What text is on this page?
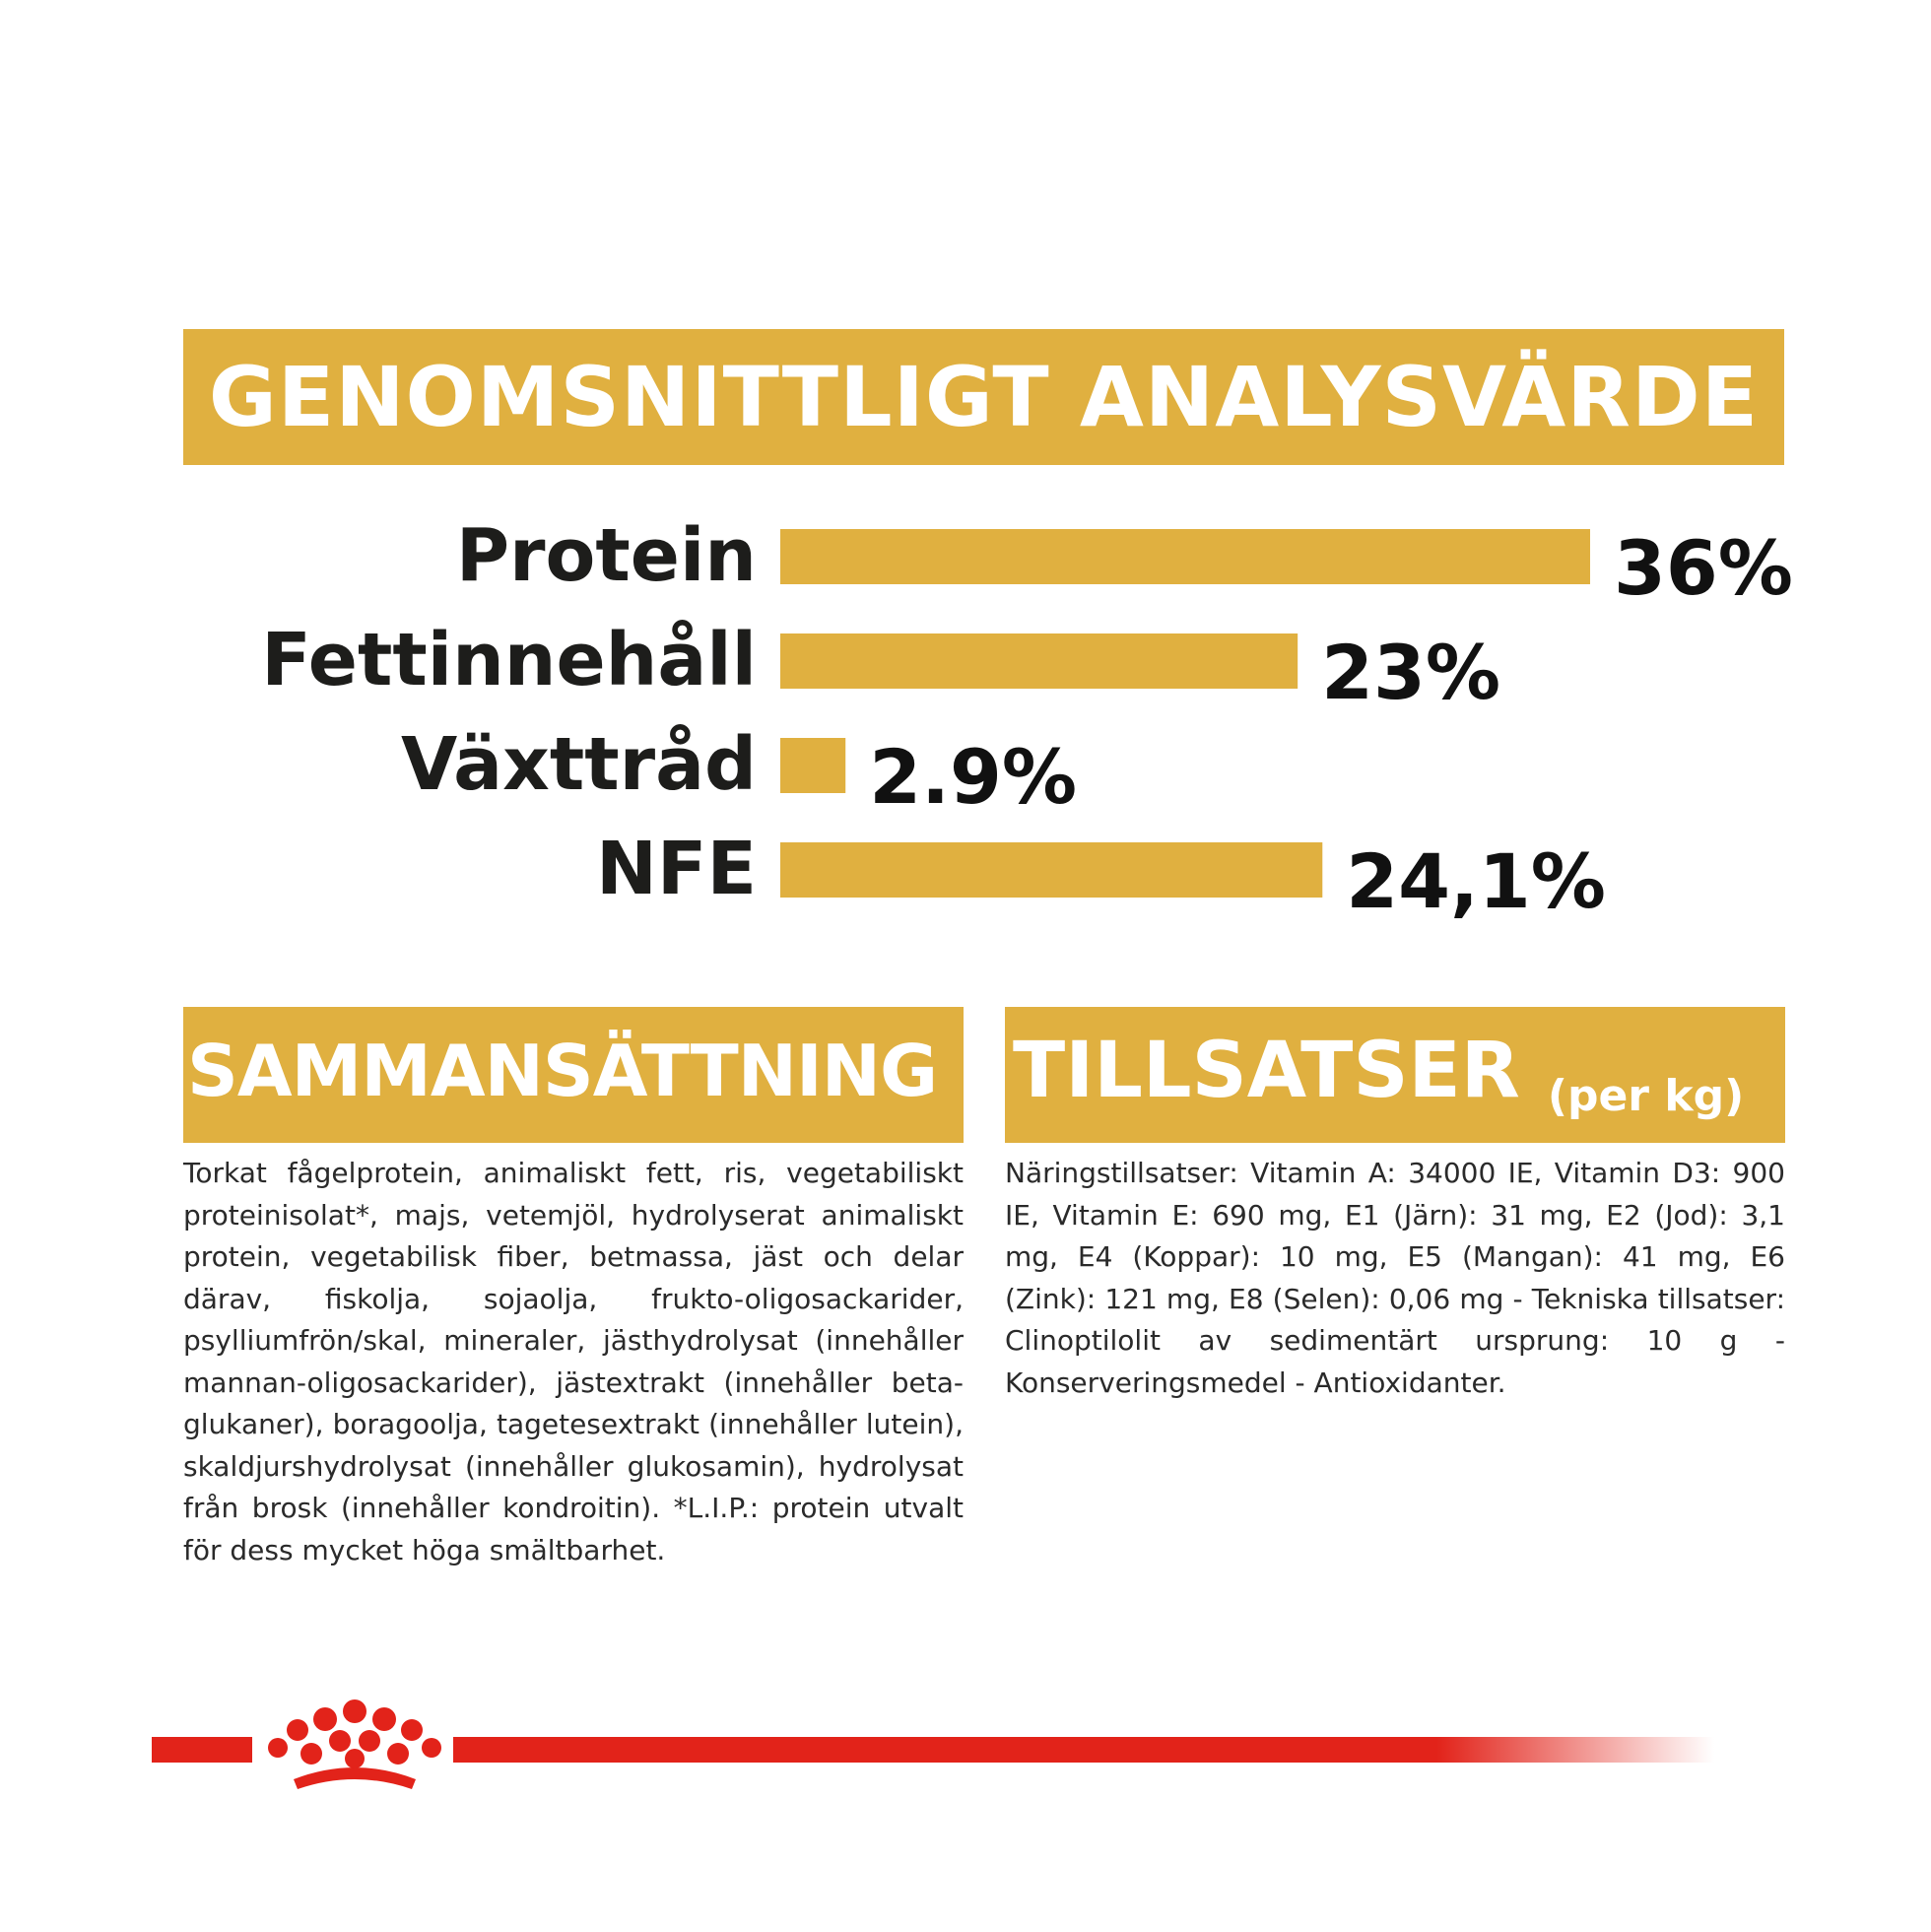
GENOMSNITTLIGT ANALYSVÄRDE
Protein	36%
Fettinnehåll	23%
Växttråd 2.9%
NFE	24,1%
SAMMANSÄTTNING TILLSATSER $_{(per kg)}$

Torkat fågelprotein, animaliskt fett, ris, vegetabiliskt proteinisolat*, majs, vetemjöl, hydrolyserat animaliskt protein, vegetabilisk fiber, betmassa, jäst och delar därav, fiskolja, sojaolja, frukto-oligosackarider, psylliumfrön/skal, mineraler, jästhydrolysat (innehåller mannan-oligosackarider), jästextrakt (innehåller beta-glukaner), boragoolja, tagetesextrakt (innehåller lutein), skaldjurshydrolysat (innehåller glukosamin), hydrolysat från brosk (innehåller kondroitin). *L.I.P.: protein utvalt för dess mycket höga smältbarhet.

Näringstillsatser: Vitamin A: 34000 IE, Vitamin D3: 900 IE, Vitamin E: 690 mg, E1 (Järn): 31 mg, E2 (Jod): 3,1 mg, E4 (Koppar): 10 mg, E5 (Mangan): 41 mg, E6 (Zink): 121 mg, E8 (Selen): 0,06 mg - Tekniska tillsatser: Clinoptilolit av sedimentärt ursprung: 10 g - Konserveringsmedel - Antioxidanter.
